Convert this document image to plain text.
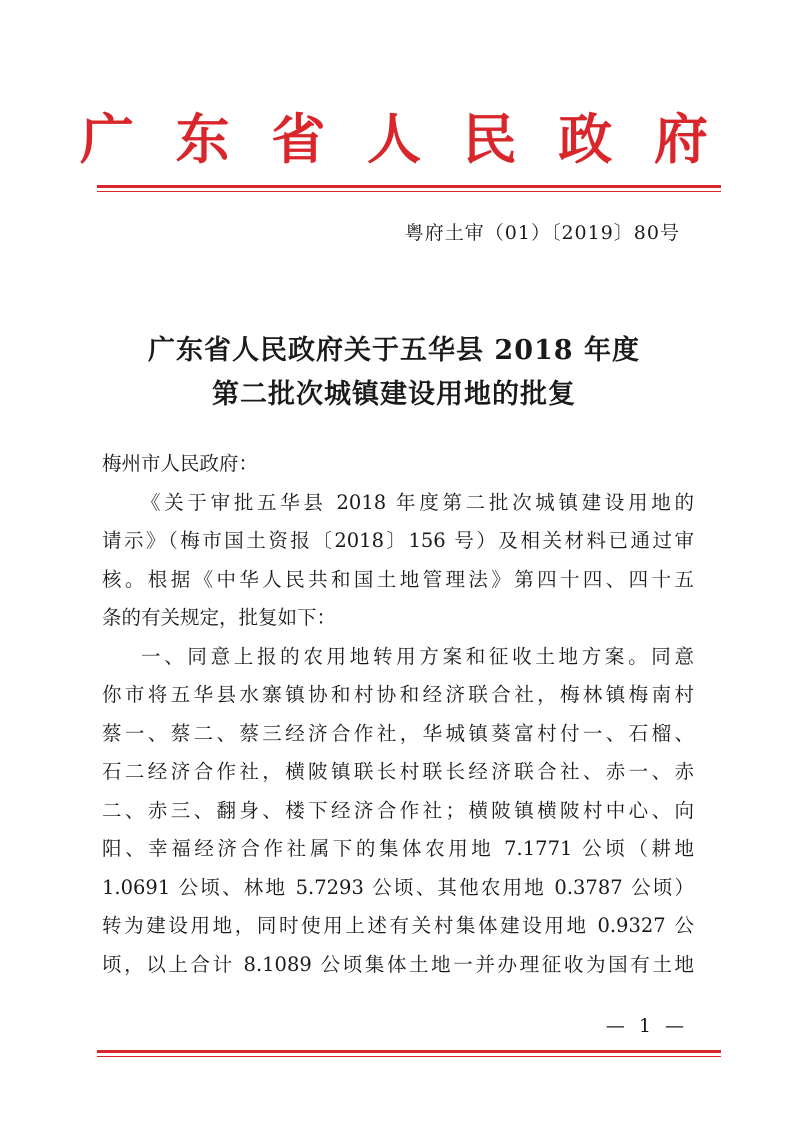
广 东 省 人 民 政 府
粤府土审（01）〔2019〕80号
广东省人民政府关于五华县 2018 年度
第二批次城镇建设用地的批复
梅州市人民政府：
《关于审批五华县 2018 年度第二批次城镇建设用地的
请示》（梅市国土资报〔2018〕156 号）及相关材料已通过审
核。根据《中华人民共和国土地管理法》第四十四、四十五
条的有关规定，批复如下：
一、同意上报的农用地转用方案和征收土地方案。同意
你市将五华县水寨镇协和村协和经济联合社，梅林镇梅南村
蔡一、蔡二、蔡三经济合作社，华城镇葵富村付一、石榴、
石二经济合作社，横陂镇联长村联长经济联合社、赤一、赤
二、赤三、翻身、楼下经济合作社；横陂镇横陂村中心、向
阳、幸福经济合作社属下的集体农用地 7.1771 公顷（耕地
1.0691 公顷、林地 5.7293 公顷、其他农用地 0.3787 公顷）
转为建设用地，同时使用上述有关村集体建设用地 0.9327 公
顷，以上合计 8.1089 公顷集体土地一并办理征收为国有土地
— 1 —
